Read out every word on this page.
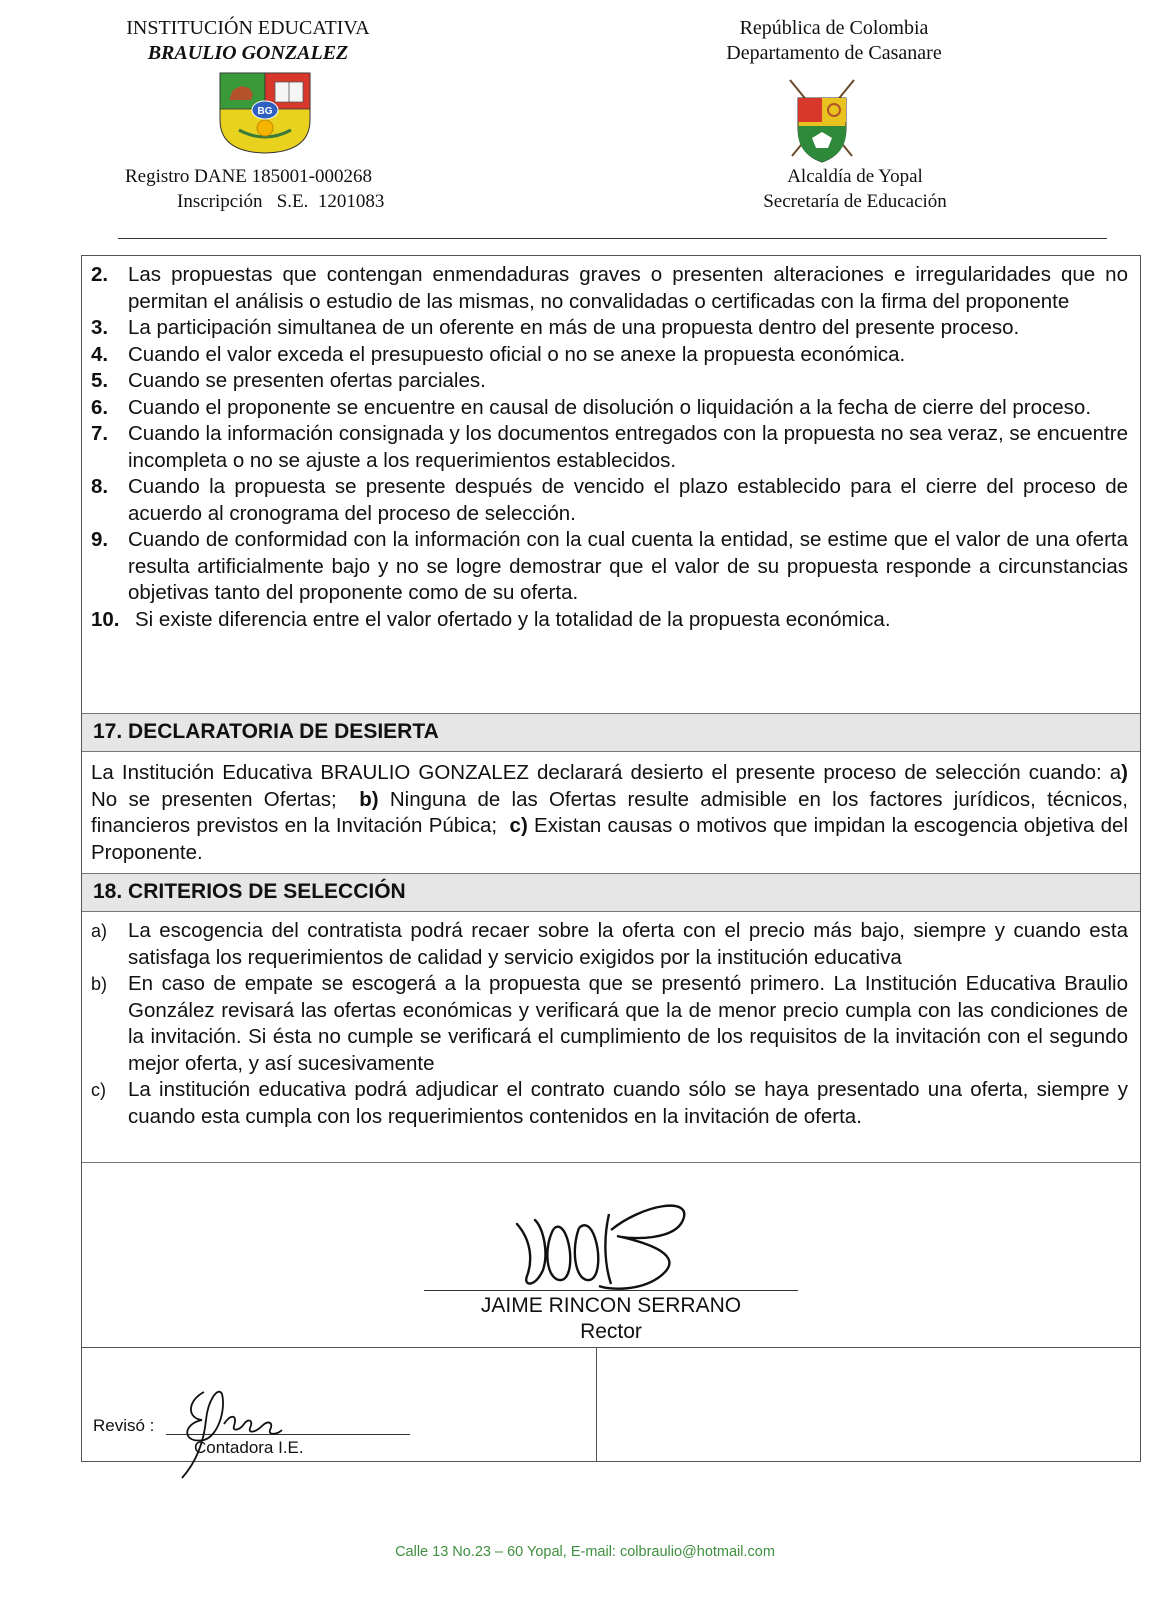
INSTITUCIÓN EDUCATIVA
BRAULIO GONZALEZ
BG
Registro DANE 185001-000268
Inscripción   S.E.  1201083
República de Colombia
Departamento de Casanare
Alcaldía de Yopal
Secretaría de Educación
2. Las propuestas que contengan enmendaduras graves o presenten alteraciones e irregularidades que no permitan el análisis o estudio de las mismas, no convalidadas o certificadas con la firma del proponente
3. La participación simultanea de un oferente en más de una propuesta dentro del presente proceso.
4. Cuando el valor exceda el presupuesto oficial o no se anexe la propuesta económica.
5. Cuando se presenten ofertas parciales.
6. Cuando el proponente se encuentre en causal de disolución o liquidación a la fecha de cierre del proceso.
7. Cuando la información consignada y los documentos entregados con la propuesta no sea veraz, se encuentre incompleta o no se ajuste a los requerimientos establecidos.
8. Cuando la propuesta se presente después de vencido el plazo establecido para el cierre del proceso de acuerdo al cronograma del proceso de selección.
9. Cuando de conformidad con la información con la cual cuenta la entidad, se estime que el valor de una oferta resulta artificialmente bajo y no se logre demostrar que el valor de su propuesta responde a circunstancias objetivas tanto del proponente como de su oferta.
10. Si existe diferencia entre el valor ofertado y la totalidad de la propuesta económica.
17. DECLARATORIA DE DESIERTA
La Institución Educativa BRAULIO GONZALEZ declarará desierto el presente proceso de selección cuando: a) No se presenten Ofertas;  b) Ninguna de las Ofertas resulte admisible en los factores jurídicos, técnicos, financieros previstos en la Invitación Púbica;  c) Existan causas o motivos que impidan la escogencia objetiva del Proponente.
18. CRITERIOS DE SELECCIÓN
a)	La escogencia del contratista podrá recaer sobre la oferta con el precio más bajo, siempre y cuando esta satisfaga los requerimientos de calidad y servicio exigidos por la institución educativa
b)	En caso de empate se escogerá a la propuesta que se presentó primero. La Institución Educativa Braulio González revisará las ofertas económicas y verificará que la de menor precio cumpla con las condiciones de la invitación. Si ésta no cumple se verificará el cumplimiento de los requisitos de la invitación con el segundo mejor oferta, y así sucesivamente
c)	La institución educativa podrá adjudicar el contrato cuando sólo se haya presentado una oferta, siempre y cuando esta cumpla con los requerimientos contenidos en la invitación de oferta.
JAIME RINCON SERRANO
Rector
Revisó :
Contadora I.E.
Calle 13 No.23 – 60 Yopal, E-mail: colbraulio@hotmail.com
